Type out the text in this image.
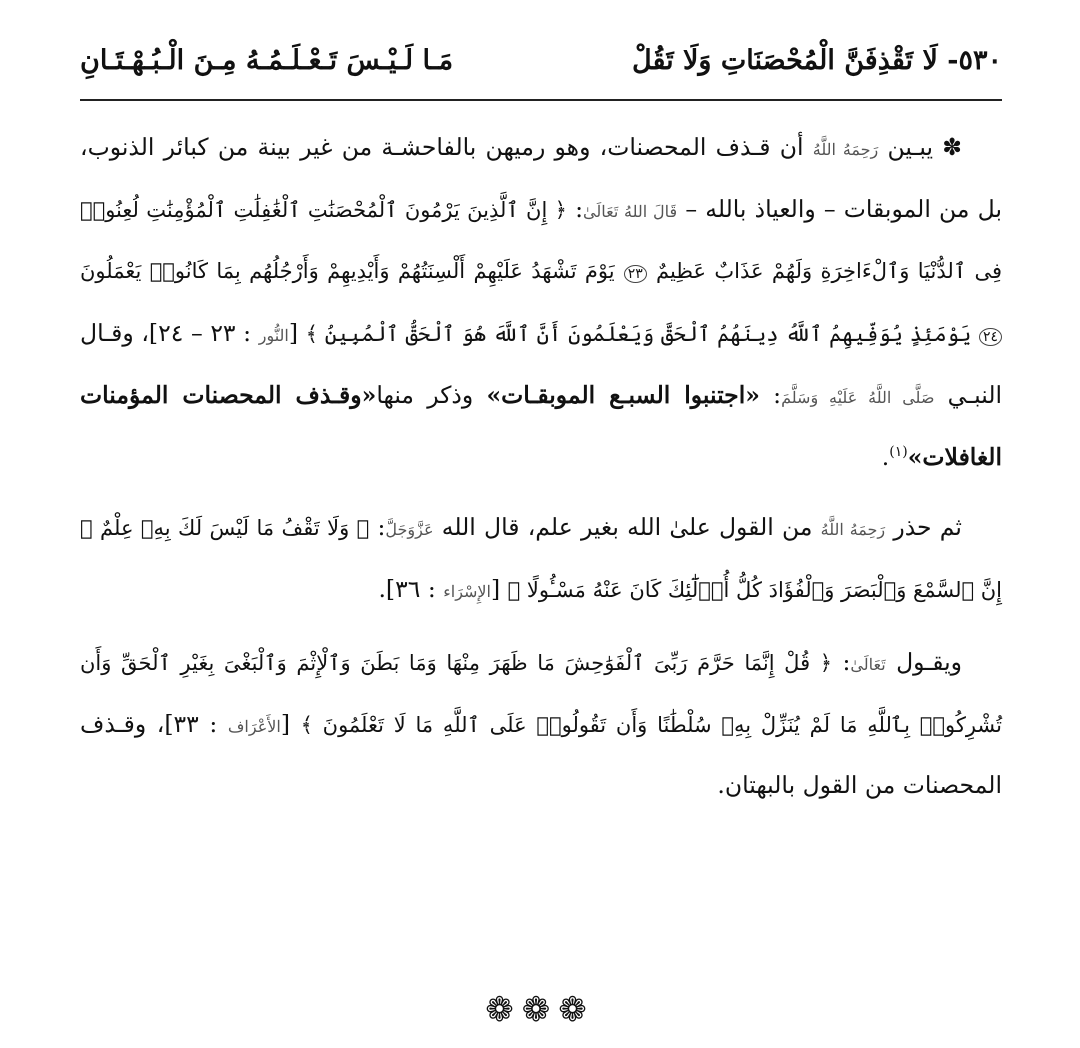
٥٣٠- لَا تَقْذِفَنَّ الْمُحْصَنَاتِ وَلَا تَقُلْ
مَـا لَـيْـسَ تَـعْـلَـمُـهُ مِـنَ الْـبُـهْـتَـانِ

✽ يبـين رَحِمَهُ اللَّهُ أن قـذف المحصنات، وهو رميهن بالفاحشـة من غير بينة من كبائر الذنوب، بل من الموبقات – والعياذ بالله – قَالَ اللهُ تَعَالَىٰ: ﴿ إِنَّ ٱلَّذِينَ يَرْمُونَ ٱلْمُحْصَنَٰتِ ٱلْغَٰفِلَٰتِ ٱلْمُؤْمِنَٰتِ لُعِنُوا۟ فِى ٱلدُّنْيَا وَٱلْءَاخِرَةِ وَلَهُمْ عَذَابٌ عَظِيمٌ ٢٣ يَوْمَ تَشْهَدُ عَلَيْهِمْ أَلْسِنَتُهُمْ وَأَيْدِيهِمْ وَأَرْجُلُهُم بِمَا كَانُوا۟ يَعْمَلُونَ ٢٤ يَوْمَئِذٍ يُوَفِّيهِمُ ٱللَّهُ دِينَهُمُ ٱلْحَقَّ وَيَعْلَمُونَ أَنَّ ٱللَّهَ هُوَ ٱلْحَقُّ ٱلْمُبِينُ ﴾ [النُّور : ٢٣ – ٢٤]، وقـال النبـي صَلَّى اللَّهُ عَلَيْهِ وَسَلَّمَ: «اجتنبوا السبـع الموبقـات» وذكر منها«وقـذف المحصنات المؤمنات الغافلات»$^{(١)}$.

ثم حذر رَحِمَهُ اللَّهُ من القول علىٰ الله بغير علم، قال الله عَزَّوَجَلَّ: ﴿ وَلَا تَقْفُ مَا لَيْسَ لَكَ بِهِۦ عِلْمٌ ۚ إِنَّ ٱلسَّمْعَ وَٱلْبَصَرَ وَٱلْفُؤَادَ كُلُّ أُو۟لَٰٓئِكَ كَانَ عَنْهُ مَسْـُٔولًا ﴾ [الإِسْرَاء : ٣٦].

ويقـول تَعَالَىٰ: ﴿ قُلْ إِنَّمَا حَرَّمَ رَبِّىَ ٱلْفَوَٰحِشَ مَا ظَهَرَ مِنْهَا وَمَا بَطَنَ وَٱلْإِثْمَ وَٱلْبَغْىَ بِغَيْرِ ٱلْحَقِّ وَأَن تُشْرِكُوا۟ بِٱللَّهِ مَا لَمْ يُنَزِّلْ بِهِۦ سُلْطَٰنًا وَأَن تَقُولُوا۟ عَلَى ٱللَّهِ مَا لَا تَعْلَمُونَ ﴾ [الأَعْرَاف : ٣٣]، وقـذف المحصنات من القول بالبهتان.

❁❁❁
